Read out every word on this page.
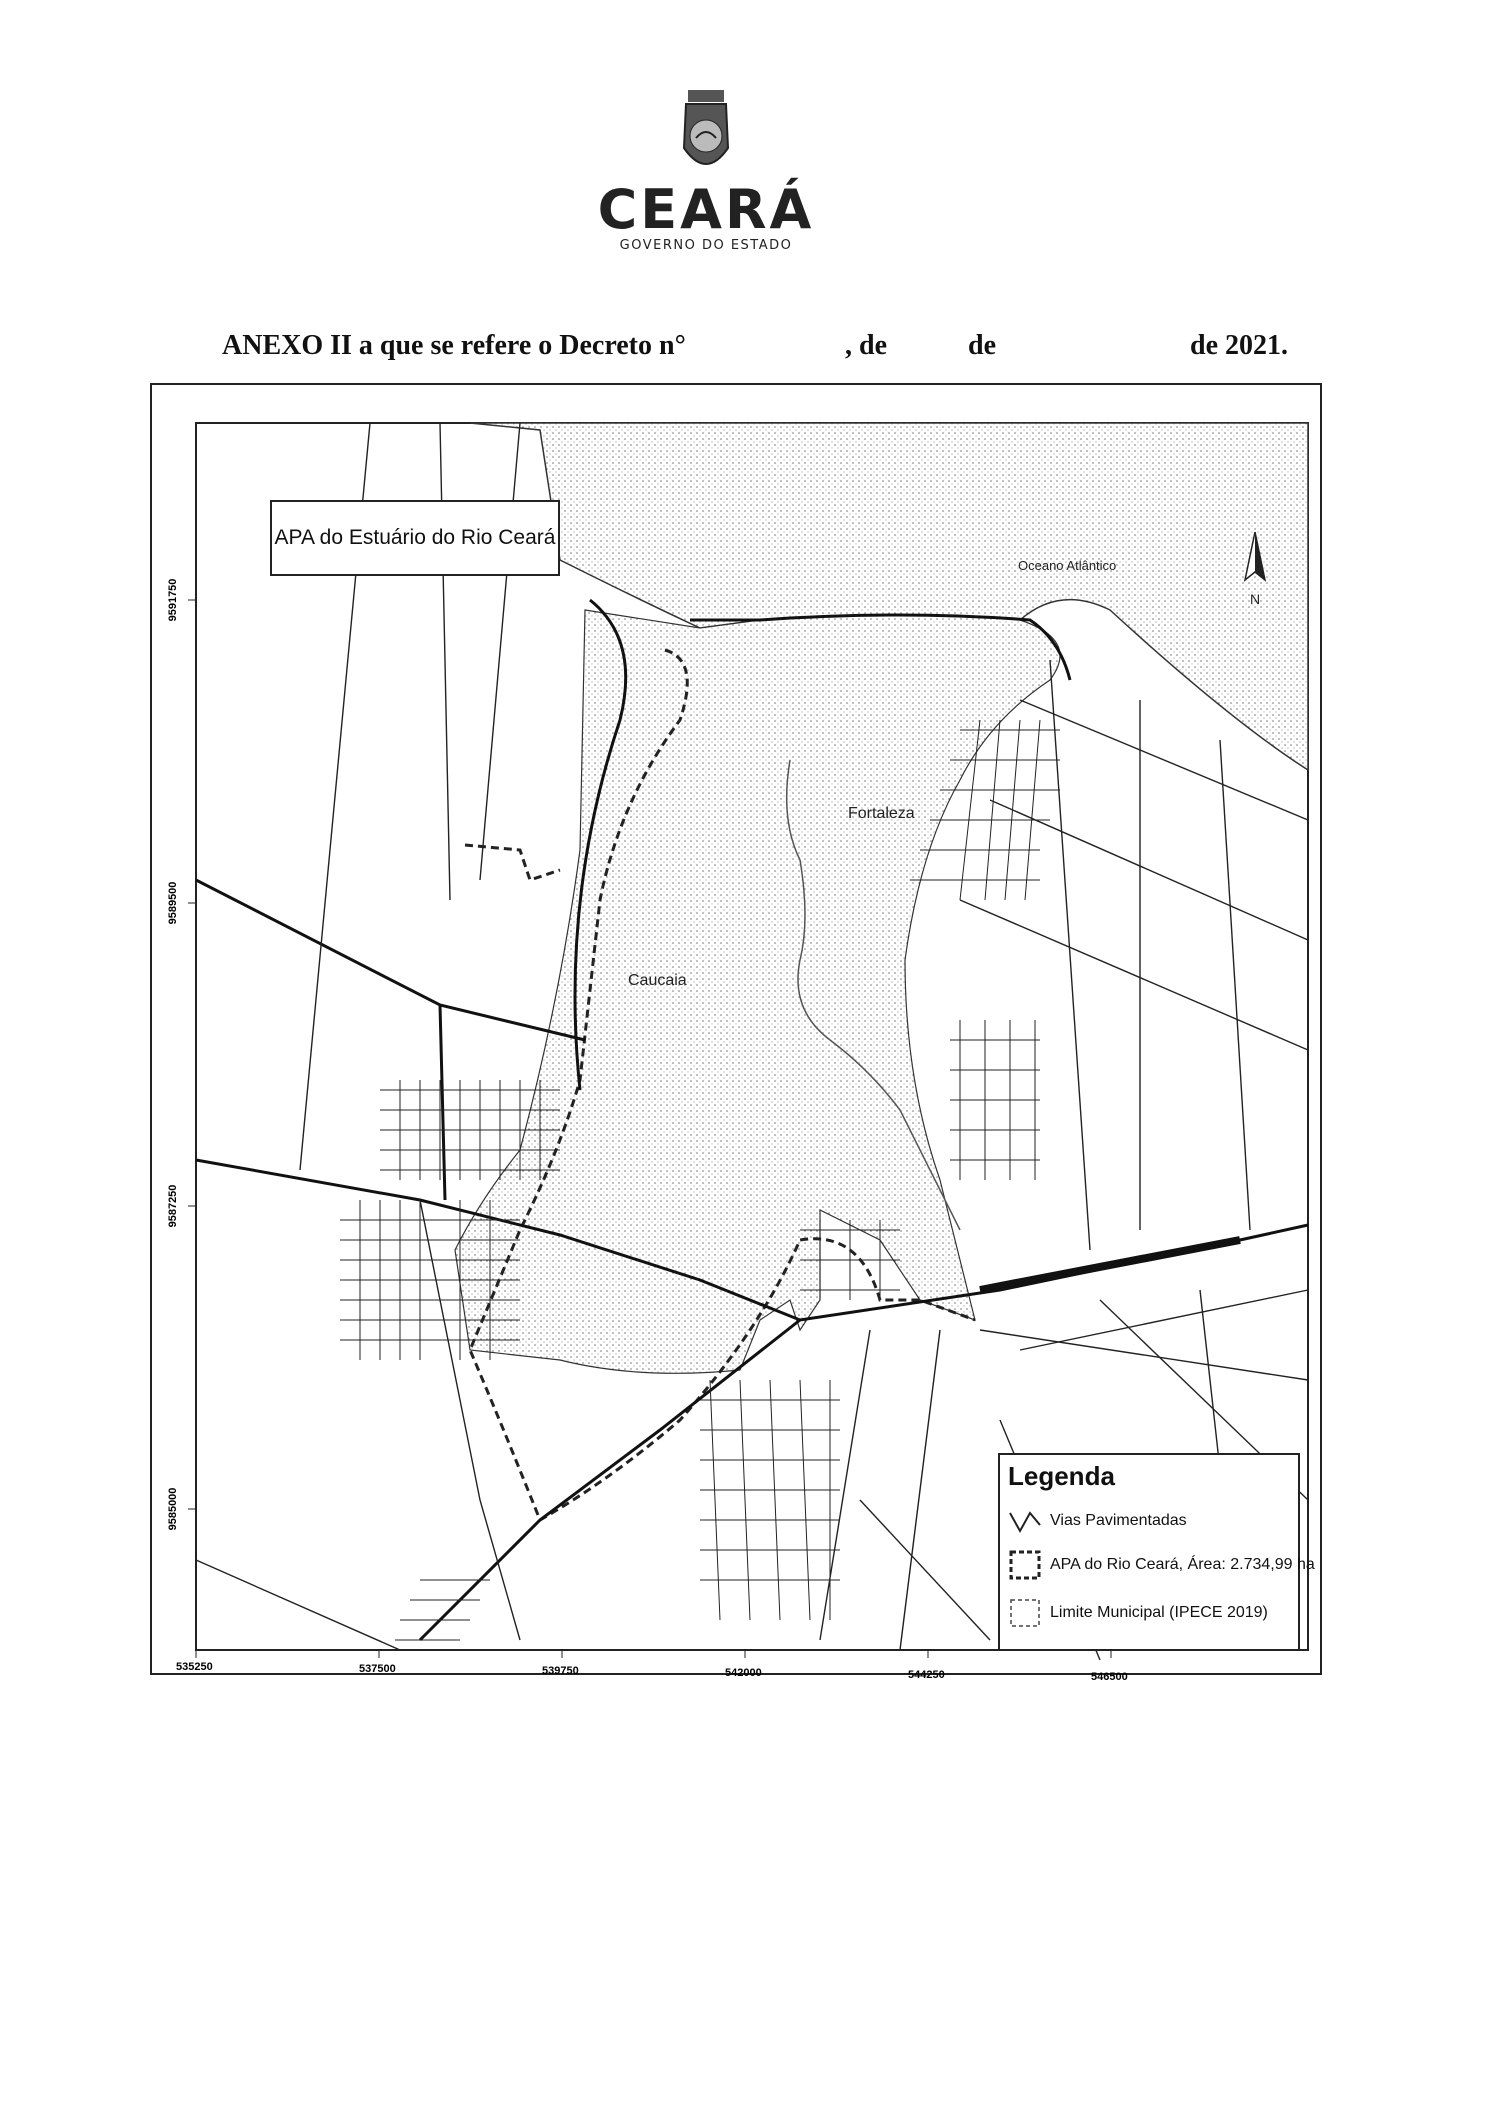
CEARÁ
GOVERNO DO ESTADO
ANEXO II a que se refere o Decreto n°	, de	de	de 2021.
Oceano Atlântico
Fortaleza
Caucaia
N
535250	537500	539750	542000	544250	546500
9591750
9589500
9587250
9585000
APA do Estuário do Rio Ceará
Legenda
Vias Pavimentadas
APA do Rio Ceará, Área: 2.734,99 ha
Limite Municipal (IPECE 2019)
